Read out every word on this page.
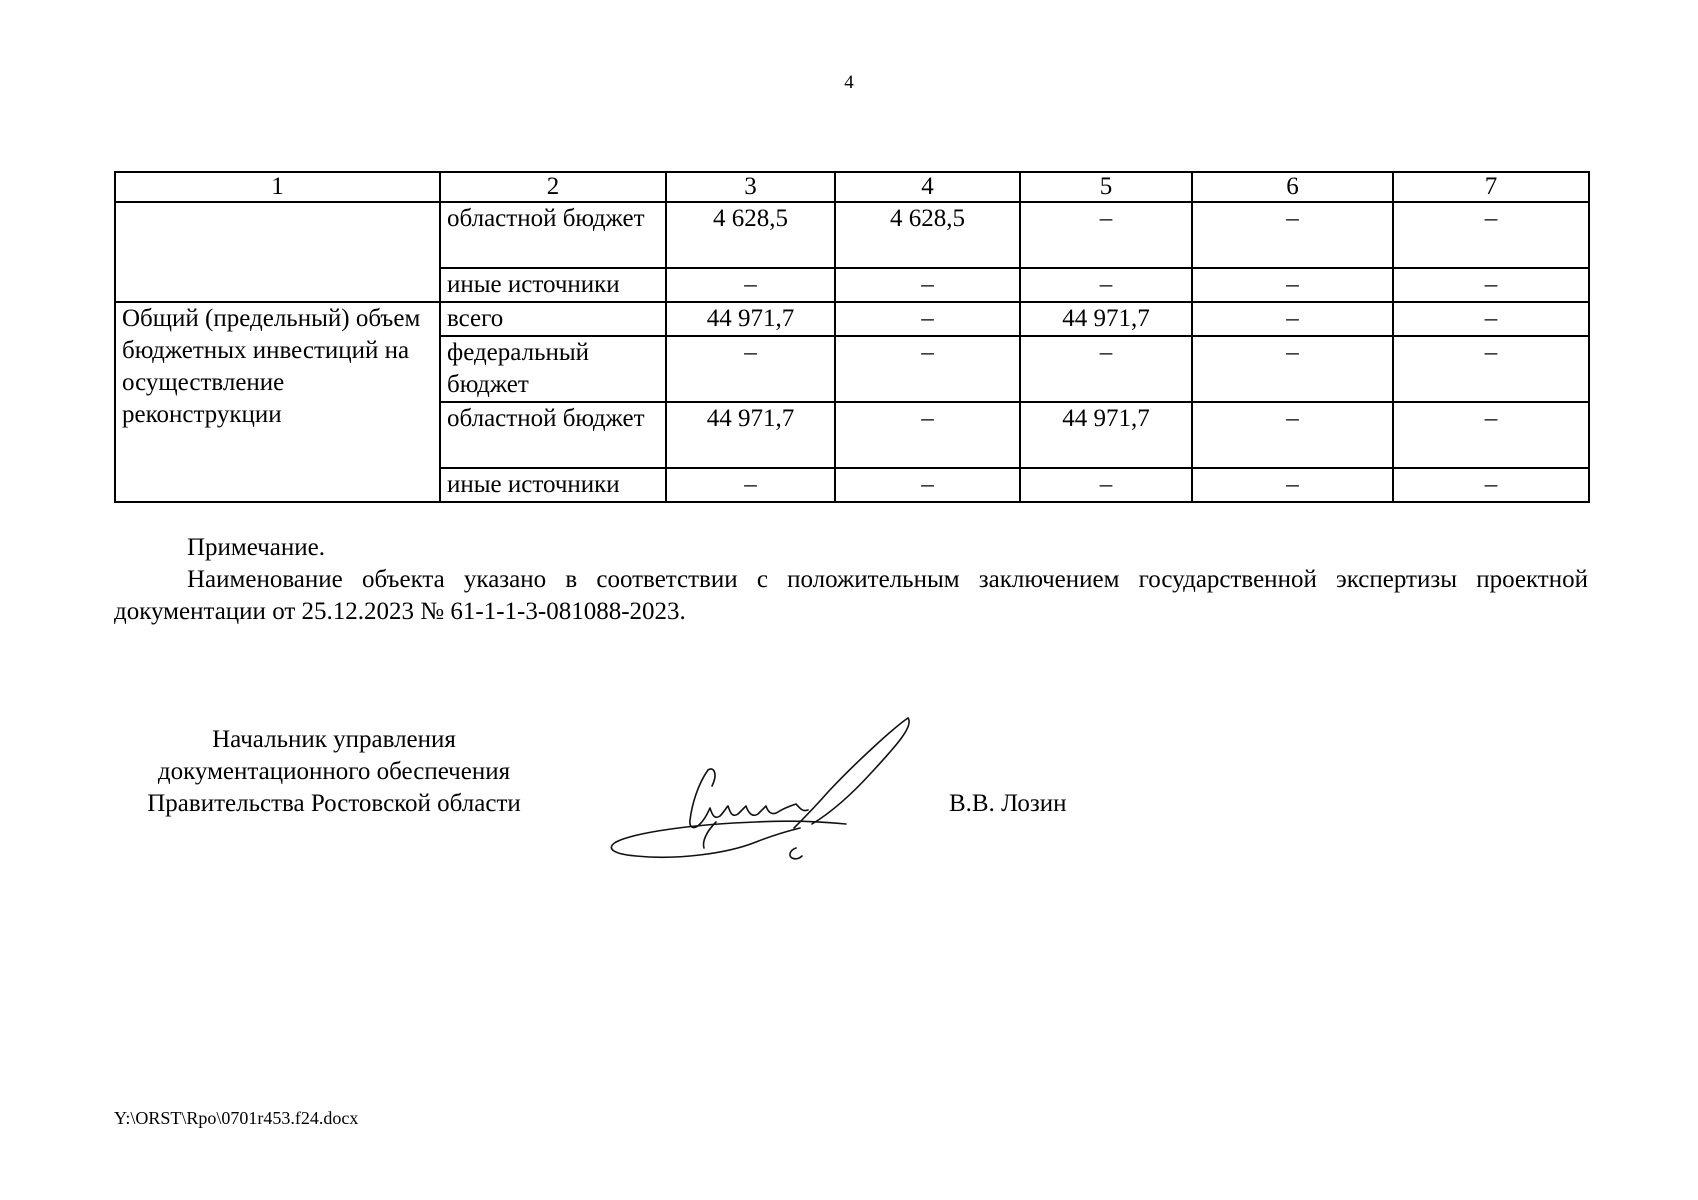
4
1	2	3	4	5	6	7
	областной бюджет	4 628,5	4 628,5	–	–	–
	иные источники	–	–	–	–	–
Общий (предельный) объем бюджетных инвестиций на осуществление реконструкции	всего	44 971,7	–	44 971,7	–	–
	федеральный бюджет	–	–	–	–	–
	областной бюджет	44 971,7	–	44 971,7	–	–
	иные источники	–	–	–	–	–

Примечание.

Наименование объекта указано в соответствии с положительным заключением государственной экспертизы проектной документации от 25.12.2023 № 61-1-1-3-081088-2023.

Начальник управления
документационного обеспечения
Правительства Ростовской области	В.В. Лозин
Y:\ORST\Rpo\0701r453.f24.docx
